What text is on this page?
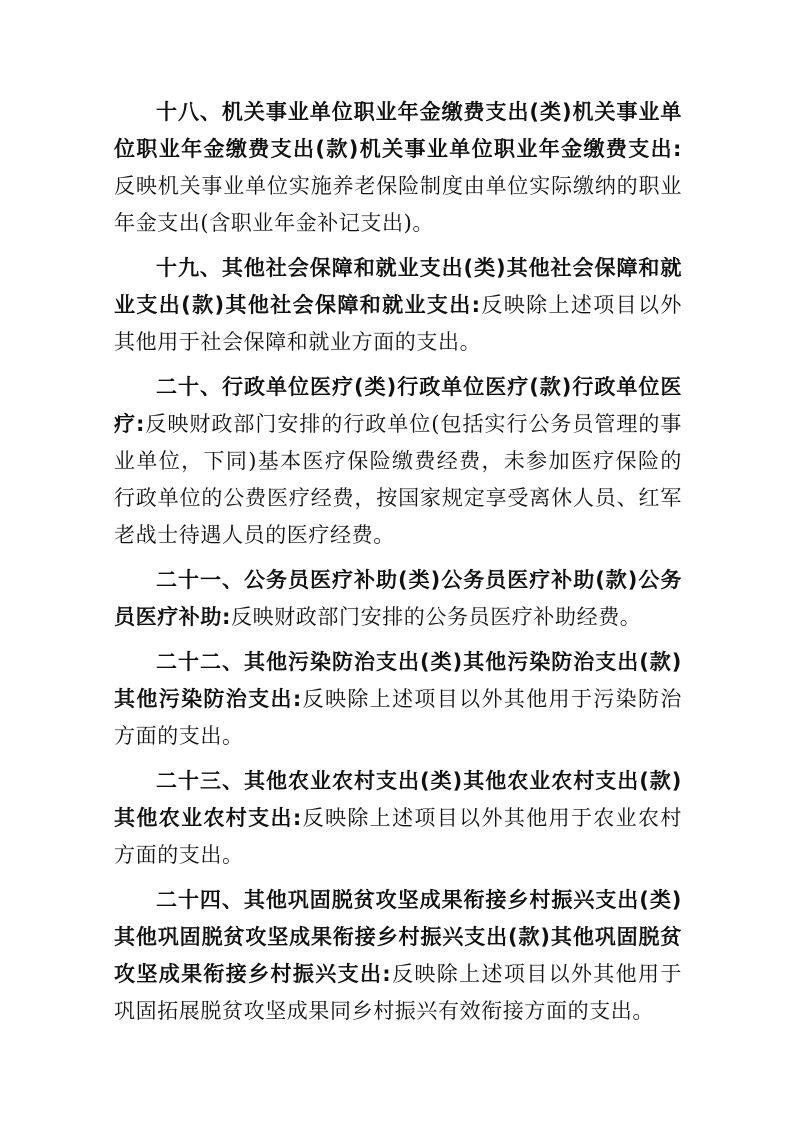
十八、机关事业单位职业年金缴费支出(类)机关事业单位职业年金缴费支出(款)机关事业单位职业年金缴费支出:反映机关事业单位实施养老保险制度由单位实际缴纳的职业年金支出(含职业年金补记支出)。

十九、其他社会保障和就业支出(类)其他社会保障和就业支出(款)其他社会保障和就业支出:反映除上述项目以外其他用于社会保障和就业方面的支出。

二十、行政单位医疗(类)行政单位医疗(款)行政单位医疗:反映财政部门安排的行政单位(包括实行公务员管理的事业单位，下同)基本医疗保险缴费经费，未参加医疗保险的行政单位的公费医疗经费，按国家规定享受离休人员、红军老战士待遇人员的医疗经费。

二十一、公务员医疗补助(类)公务员医疗补助(款)公务员医疗补助:反映财政部门安排的公务员医疗补助经费。

二十二、其他污染防治支出(类)其他污染防治支出(款)其他污染防治支出:反映除上述项目以外其他用于污染防治方面的支出。

二十三、其他农业农村支出(类)其他农业农村支出(款)其他农业农村支出:反映除上述项目以外其他用于农业农村方面的支出。

二十四、其他巩固脱贫攻坚成果衔接乡村振兴支出(类)其他巩固脱贫攻坚成果衔接乡村振兴支出(款)其他巩固脱贫攻坚成果衔接乡村振兴支出:反映除上述项目以外其他用于巩固拓展脱贫攻坚成果同乡村振兴有效衔接方面的支出。
